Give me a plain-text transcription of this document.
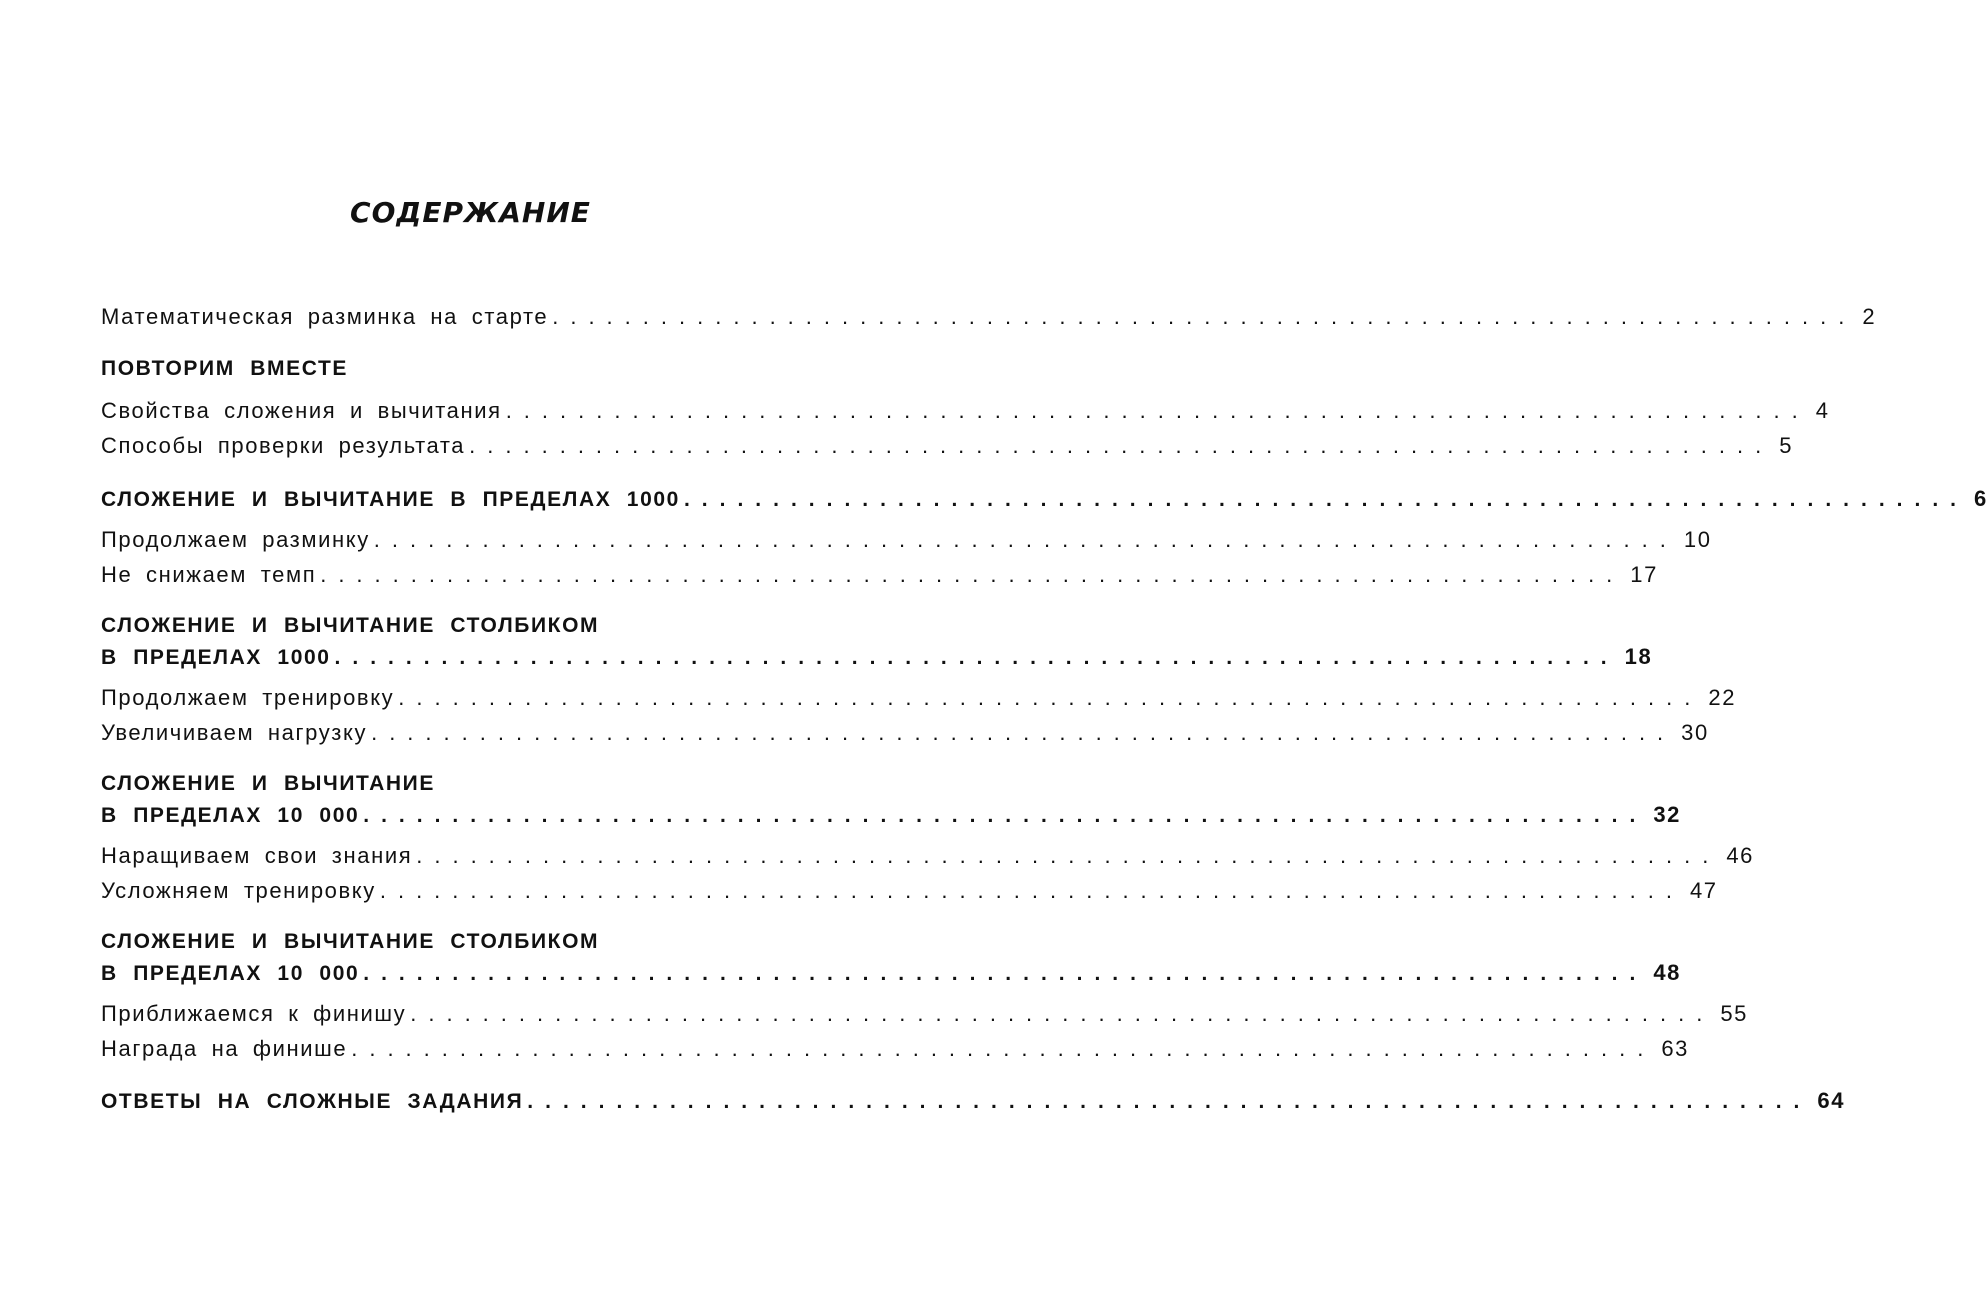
СОДЕРЖАНИЕ
Математическая разминка на старте ........................................................................ 2
ПОВТОРИМ ВМЕСТЕ
Свойства сложения и вычитания ........................................................................ 4
Способы проверки результата ........................................................................ 5
СЛОЖЕНИЕ И ВЫЧИТАНИЕ В ПРЕДЕЛАХ 1000 ........................................................................ 6
Продолжаем разминку ........................................................................ 10
Не снижаем темп ........................................................................ 17
СЛОЖЕНИЕ И ВЫЧИТАНИЕ СТОЛБИКОМ
В ПРЕДЕЛАХ 1000 ........................................................................ 18
Продолжаем тренировку ........................................................................ 22
Увеличиваем нагрузку ........................................................................ 30
СЛОЖЕНИЕ И ВЫЧИТАНИЕ
В ПРЕДЕЛАХ 10 000 ........................................................................ 32
Наращиваем свои знания ........................................................................ 46
Усложняем тренировку ........................................................................ 47
СЛОЖЕНИЕ И ВЫЧИТАНИЕ СТОЛБИКОМ
В ПРЕДЕЛАХ 10 000 ........................................................................ 48
Приближаемся к финишу ........................................................................ 55
Награда на финише ........................................................................ 63
ОТВЕТЫ НА СЛОЖНЫЕ ЗАДАНИЯ ........................................................................ 64
